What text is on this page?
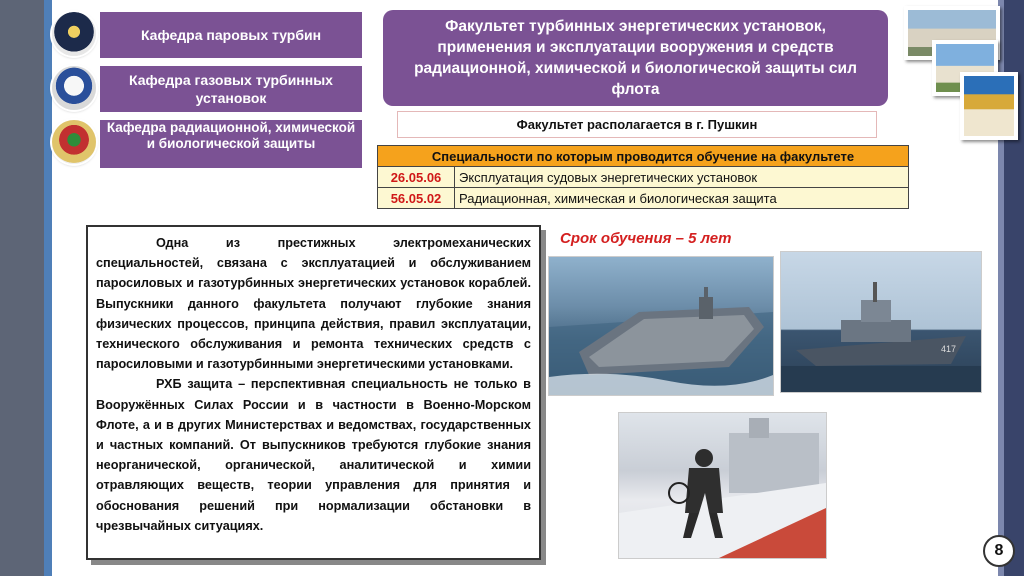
Кафедра паровых турбин
Кафедра газовых турбинных установок
Кафедра радиационной, химической и биологической защиты
Факультет турбинных энергетических установок, применения и эксплуатации вооружения и средств радиационной, химической и биологической защиты сил флота
Факультет располагается в г. Пушкин
Специальности по которым проводится обучение на факультете	
26.05.06	Эксплуатация судовых энергетических установок
56.05.02	Радиационная, химическая и биологическая защита

Одна из престижных электромеханических специальностей, связана с эксплуатацией и обслуживанием паросиловых и газотурбинных энергетических установок кораблей. Выпускники данного факультета получают глубокие знания физических процессов, принципа действия, правил эксплуатации, технического обслуживания и ремонта технических средств с паросиловыми и газотурбинными энергетическими установками.

РХБ защита – перспективная специальность не только в Вооружённых Силах России и в частности в Военно-Морском Флоте, а и в других Министерствах и ведомствах, государственных и частных компаний. От выпускников требуются глубокие знания неорганической, органической, аналитической и химии отравляющих веществ, теории управления для принятия и обоснования решений при нормализации обстановки в чрезвычайных ситуациях.

Срок обучения – 5 лет
417
8
